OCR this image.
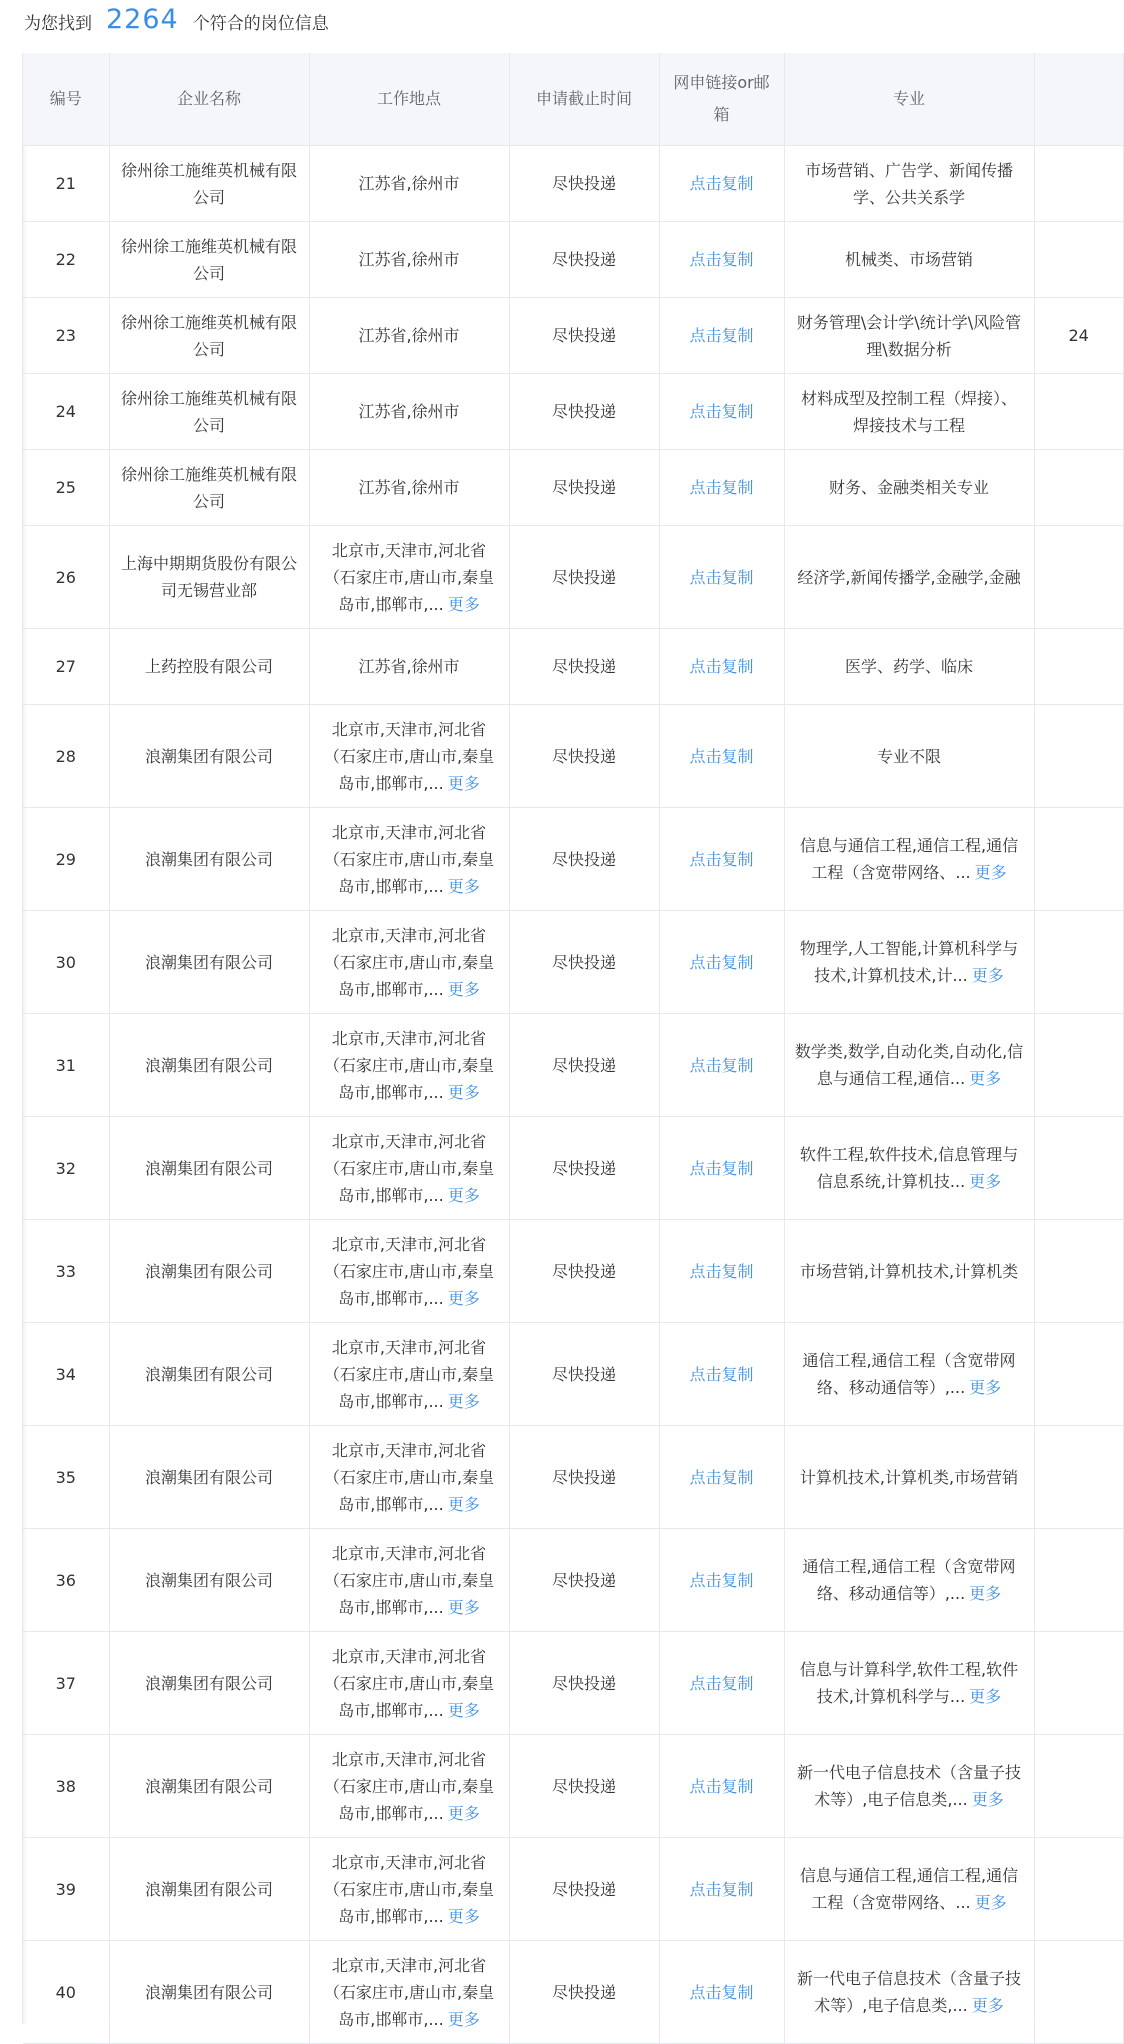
为您找到 2264 个符合的岗位信息
编号	企业名称	工作地点	申请截止时间	网申链接or邮箱	专业	
21	徐州徐工施维英机械有限公司	江苏省,徐州市	尽快投递	点击复制	市场营销、广告学、新闻传播学、公共关系学	
22	徐州徐工施维英机械有限公司	江苏省,徐州市	尽快投递	点击复制	机械类、市场营销	
23	徐州徐工施维英机械有限公司	江苏省,徐州市	尽快投递	点击复制	财务管理\会计学\统计学\风险管理\数据分析	24
24	徐州徐工施维英机械有限公司	江苏省,徐州市	尽快投递	点击复制	材料成型及控制工程（焊接）、焊接技术与工程	
25	徐州徐工施维英机械有限公司	江苏省,徐州市	尽快投递	点击复制	财务、金融类相关专业	
26	上海中期期货股份有限公司无锡营业部	北京市,天津市,河北省（石家庄市,唐山市,秦皇岛市,邯郸市,... 更多	尽快投递	点击复制	经济学,新闻传播学,金融学,金融	
27	上药控股有限公司	江苏省,徐州市	尽快投递	点击复制	医学、药学、临床	
28	浪潮集团有限公司	北京市,天津市,河北省（石家庄市,唐山市,秦皇岛市,邯郸市,... 更多	尽快投递	点击复制	专业不限	
29	浪潮集团有限公司	北京市,天津市,河北省（石家庄市,唐山市,秦皇岛市,邯郸市,... 更多	尽快投递	点击复制	信息与通信工程,通信工程,通信工程（含宽带网络、... 更多	
30	浪潮集团有限公司	北京市,天津市,河北省（石家庄市,唐山市,秦皇岛市,邯郸市,... 更多	尽快投递	点击复制	物理学,人工智能,计算机科学与技术,计算机技术,计... 更多	
31	浪潮集团有限公司	北京市,天津市,河北省（石家庄市,唐山市,秦皇岛市,邯郸市,... 更多	尽快投递	点击复制	数学类,数学,自动化类,自动化,信息与通信工程,通信... 更多	
32	浪潮集团有限公司	北京市,天津市,河北省（石家庄市,唐山市,秦皇岛市,邯郸市,... 更多	尽快投递	点击复制	软件工程,软件技术,信息管理与信息系统,计算机技... 更多	
33	浪潮集团有限公司	北京市,天津市,河北省（石家庄市,唐山市,秦皇岛市,邯郸市,... 更多	尽快投递	点击复制	市场营销,计算机技术,计算机类	
34	浪潮集团有限公司	北京市,天津市,河北省（石家庄市,唐山市,秦皇岛市,邯郸市,... 更多	尽快投递	点击复制	通信工程,通信工程（含宽带网络、移动通信等）,... 更多	
35	浪潮集团有限公司	北京市,天津市,河北省（石家庄市,唐山市,秦皇岛市,邯郸市,... 更多	尽快投递	点击复制	计算机技术,计算机类,市场营销	
36	浪潮集团有限公司	北京市,天津市,河北省（石家庄市,唐山市,秦皇岛市,邯郸市,... 更多	尽快投递	点击复制	通信工程,通信工程（含宽带网络、移动通信等）,... 更多	
37	浪潮集团有限公司	北京市,天津市,河北省（石家庄市,唐山市,秦皇岛市,邯郸市,... 更多	尽快投递	点击复制	信息与计算科学,软件工程,软件技术,计算机科学与... 更多	
38	浪潮集团有限公司	北京市,天津市,河北省（石家庄市,唐山市,秦皇岛市,邯郸市,... 更多	尽快投递	点击复制	新一代电子信息技术（含量子技术等）,电子信息类,... 更多	
39	浪潮集团有限公司	北京市,天津市,河北省（石家庄市,唐山市,秦皇岛市,邯郸市,... 更多	尽快投递	点击复制	信息与通信工程,通信工程,通信工程（含宽带网络、... 更多	
40	浪潮集团有限公司	北京市,天津市,河北省（石家庄市,唐山市,秦皇岛市,邯郸市,... 更多	尽快投递	点击复制	新一代电子信息技术（含量子技术等）,电子信息类,... 更多	
